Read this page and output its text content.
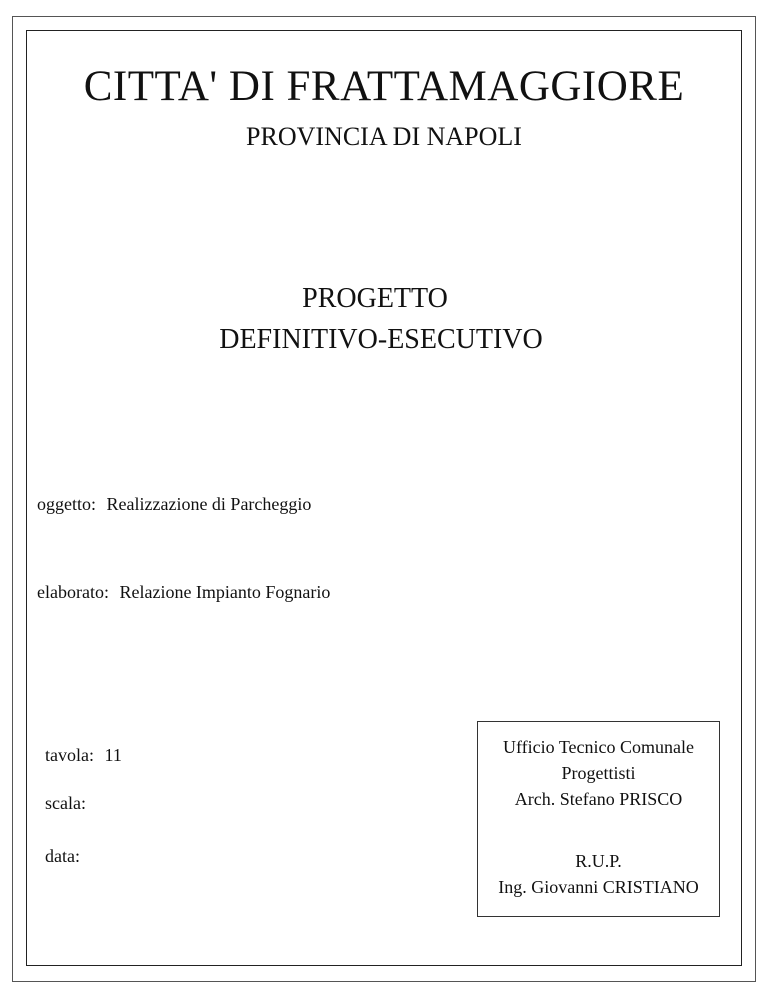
CITTA' DI FRATTAMAGGIORE
PROVINCIA DI NAPOLI
PROGETTO
DEFINITIVO-ESECUTIVO
oggetto: Realizzazione di Parcheggio
elaborato: Relazione Impianto Fognario
tavola: 11
scala:
data:
Ufficio Tecnico Comunale
Progettisti
Arch. Stefano PRISCO
R.U.P.
Ing. Giovanni CRISTIANO
